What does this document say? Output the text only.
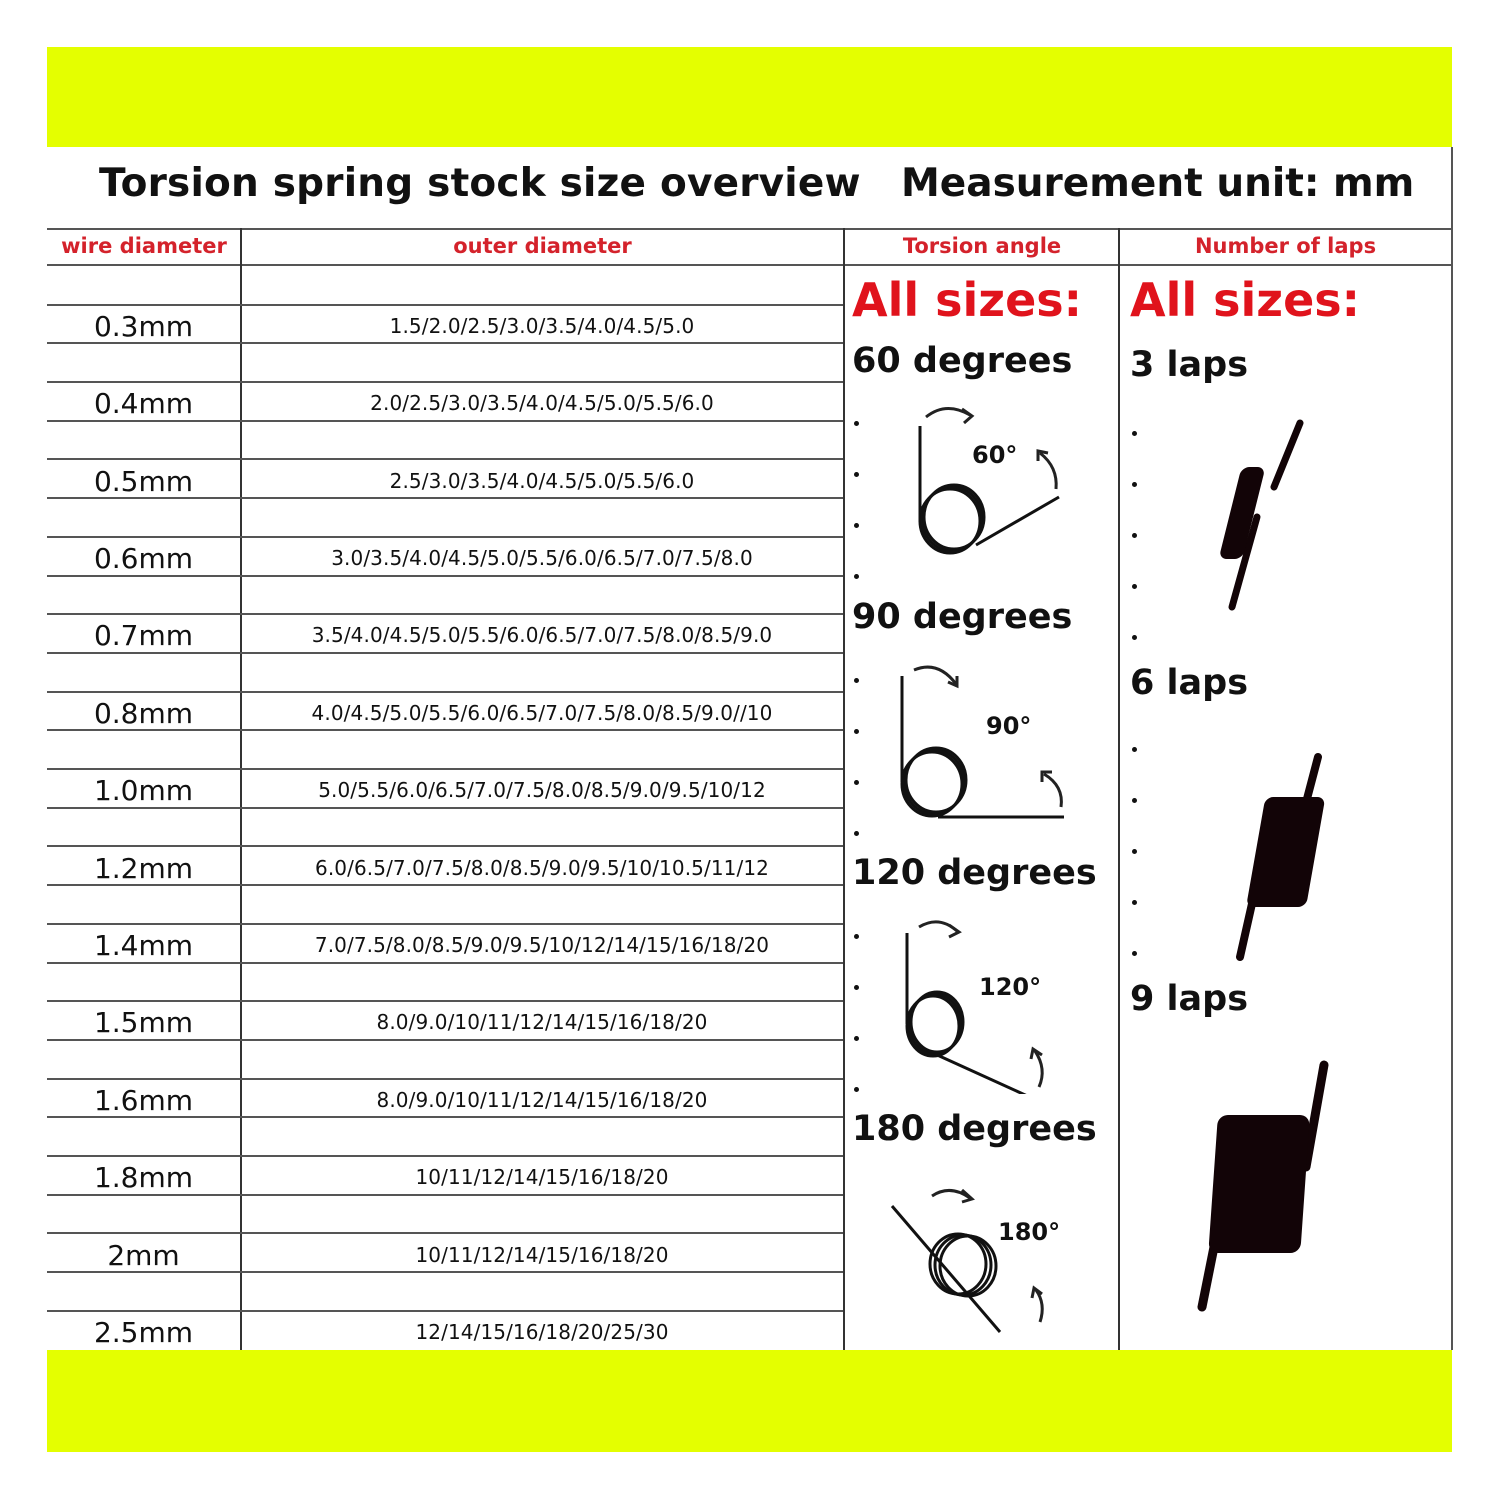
Torsion spring stock size overview Measurement unit: mm
wire diameter	outer diameter	Torsion angle	Number of laps
0.3mm	1.5/2.0/2.5/3.0/3.5/4.0/4.5/5.0
0.4mm	2.0/2.5/3.0/3.5/4.0/4.5/5.0/5.5/6.0
0.5mm	2.5/3.0/3.5/4.0/4.5/5.0/5.5/6.0
0.6mm	3.0/3.5/4.0/4.5/5.0/5.5/6.0/6.5/7.0/7.5/8.0
0.7mm	3.5/4.0/4.5/5.0/5.5/6.0/6.5/7.0/7.5/8.0/8.5/9.0
0.8mm	4.0/4.5/5.0/5.5/6.0/6.5/7.0/7.5/8.0/8.5/9.0//10
1.0mm	5.0/5.5/6.0/6.5/7.0/7.5/8.0/8.5/9.0/9.5/10/12
1.2mm	6.0/6.5/7.0/7.5/8.0/8.5/9.0/9.5/10/10.5/11/12
1.4mm	7.0/7.5/8.0/8.5/9.0/9.5/10/12/14/15/16/18/20
1.5mm	8.0/9.0/10/11/12/14/15/16/18/20
1.6mm	8.0/9.0/10/11/12/14/15/16/18/20
1.8mm	10/11/12/14/15/16/18/20
2mm	10/11/12/14/15/16/18/20
2.5mm	12/14/15/16/18/20/25/30
All sizes:
60 degrees
60°
90 degrees
90°
120 degrees
120°
180 degrees
180°
All sizes:
3 laps
6 laps
9 laps
